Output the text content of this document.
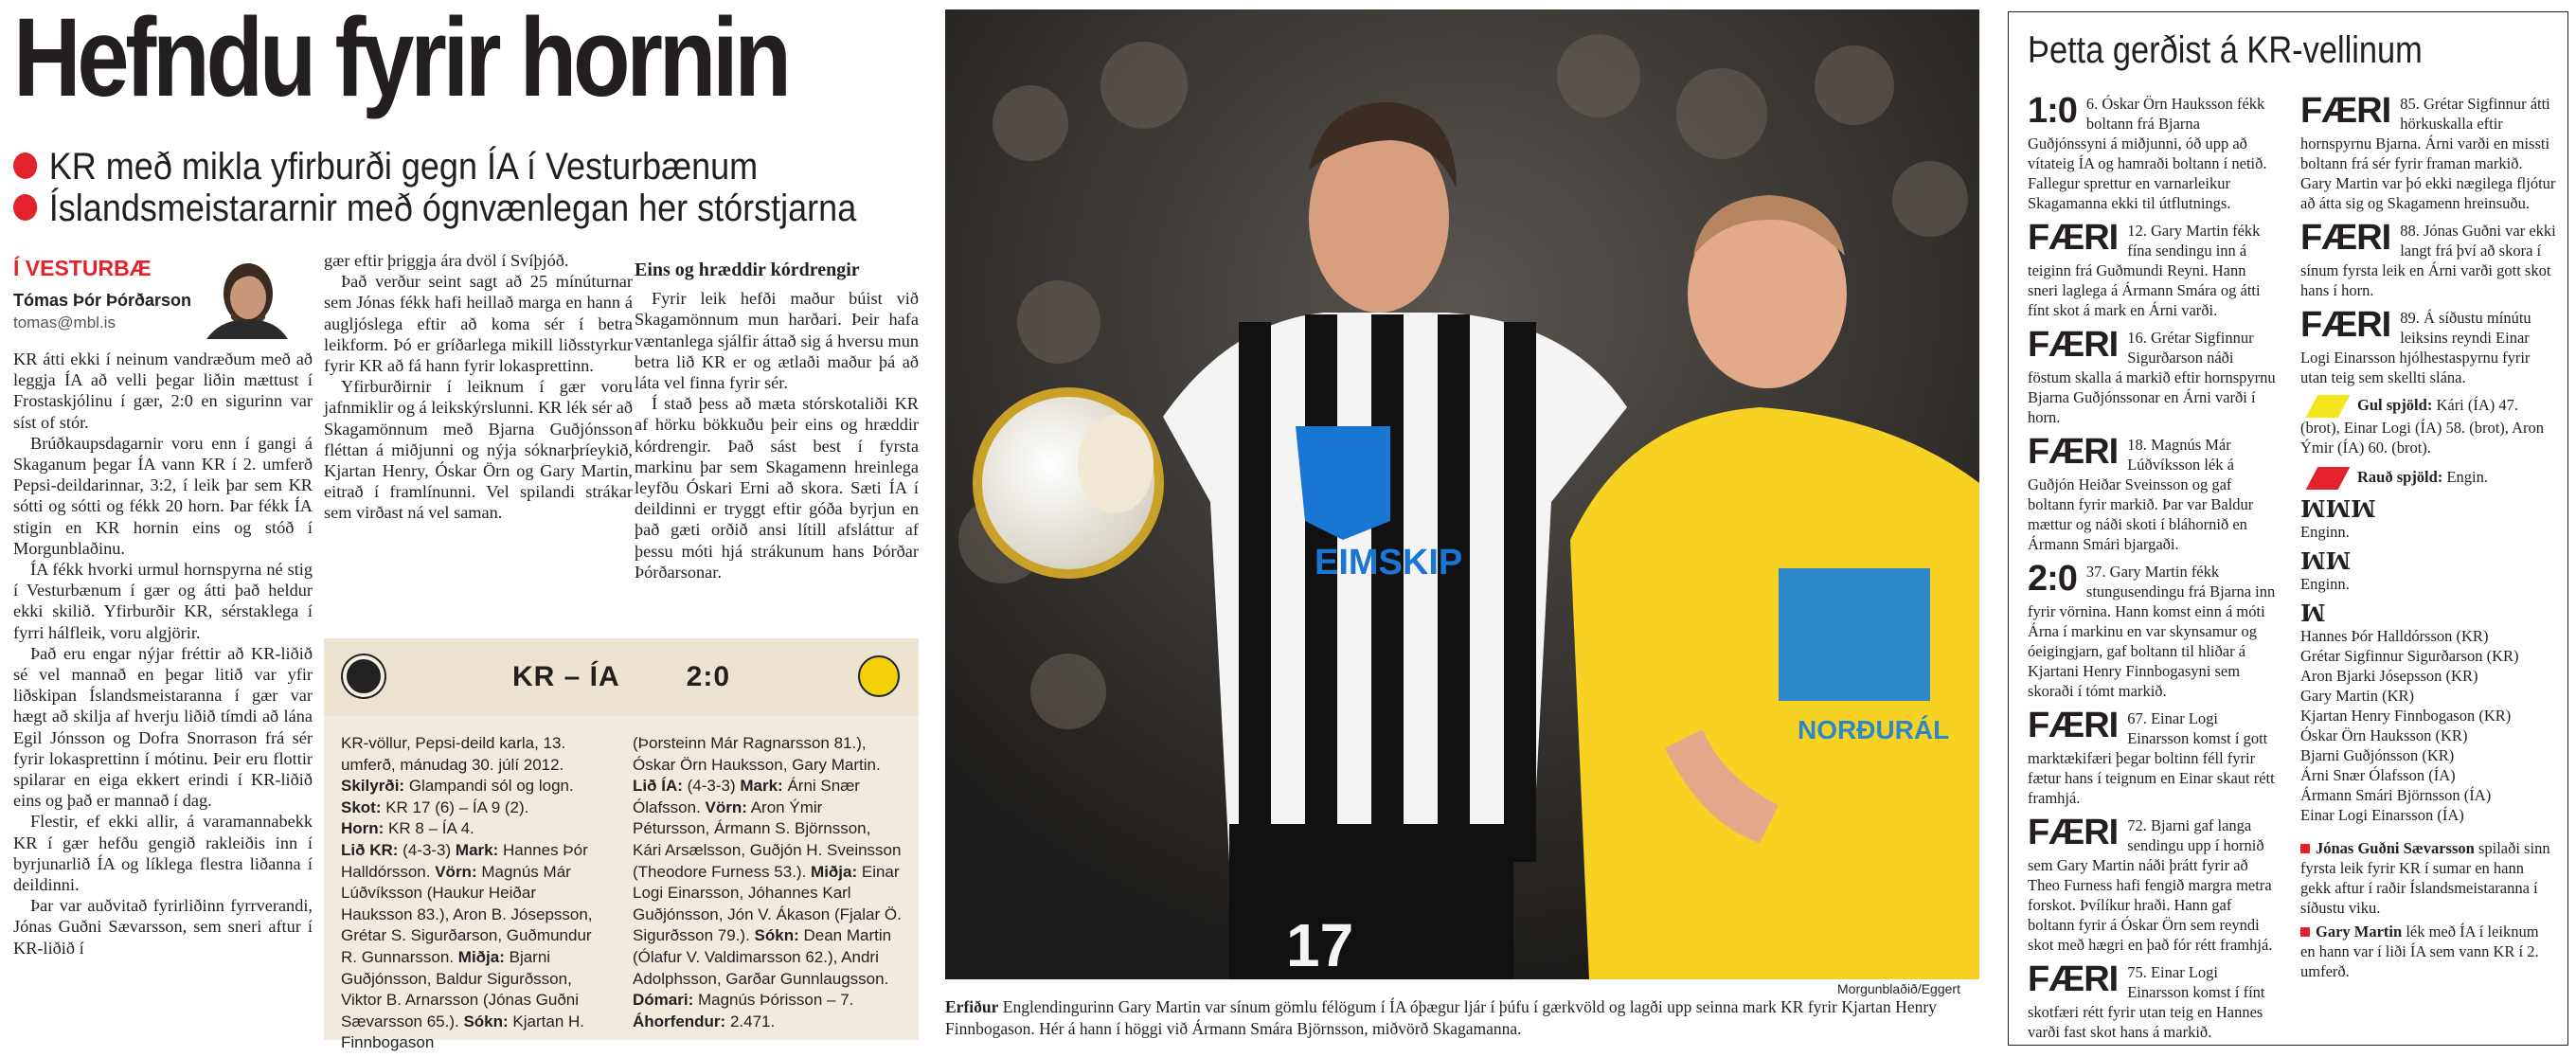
Hefndu fyrir hornin
KR með mikla yfirburði gegn ÍA í Vesturbænum
Íslandsmeistararnir með ógnvænlegan her stórstjarna
Í VESTURBÆ
Tómas Þór Þórðarson
tomas@mbl.is

KR átti ekki í neinum vandræðum með að leggja ÍA að velli þegar liðin mættust í Frostaskjólinu í gær, 2:0 en sigurinn var síst of stór.

Brúðkaupsdagarnir voru enn í gangi á Skaganum þegar ÍA vann KR í 2. umferð Pepsi-deildarinnar, 3:2, í leik þar sem KR sótti og sótti og fékk 20 horn. Þar fékk ÍA stigin en KR hornin eins og stóð í Morgunblaðinu.

ÍA fékk hvorki urmul hornspyrna né stig í Vesturbænum í gær og átti það heldur ekki skilið. Yfirburðir KR, sérstaklega í fyrri hálfleik, voru algjörir.

Það eru engar nýjar fréttir að KR-liðið sé vel mannað en þegar litið var yfir liðskipan Íslandsmeistaranna í gær var hægt að skilja af hverju liðið tímdi að lána Egil Jónsson og Dofra Snorrason frá sér fyrir lokasprettinn í mótinu. Þeir eru flottir spilarar en eiga ekkert erindi í KR-liðið eins og það er mannað í dag.

Flestir, ef ekki allir, á varamannabekk KR í gær hefðu gengið rakleiðis inn í byrjunarlið ÍA og líklega flestra liðanna í deildinni.

Þar var auðvitað fyrirliðinn fyrrverandi, Jónas Guðni Sævarsson, sem sneri aftur í KR-liðið í

gær eftir þriggja ára dvöl í Svíþjóð.

Það verður seint sagt að 25 mínúturnar sem Jónas fékk hafi heillað marga en hann á augljóslega eftir að koma sér í betra leikform. Þó er gríðarlega mikill liðsstyrkur fyrir KR að fá hann fyrir lokasprettinn.

Yfirburðirnir í leiknum í gær voru jafnmiklir og á leikskýrslunni. KR lék sér að Skagamönnum með Bjarna Guðjónsson fléttan á miðjunni og nýja sóknarþríeykið, Kjartan Henry, Óskar Örn og Gary Martin, eitrað í framlínunni. Vel spilandi strákar sem virðast ná vel saman.

Eins og hræddir kórdrengir

Fyrir leik hefði maður búist við Skagamönnum mun harðari. Þeir hafa væntanlega sjálfir áttað sig á hversu mun betra lið KR er og ætlaði maður þá að láta vel finna fyrir sér.

Í stað þess að mæta stórskotaliði KR af hörku bökkuðu þeir eins og hræddir kórdrengir. Það sást best í fyrsta markinu þar sem Skagamenn hreinlega leyfðu Óskari Erni að skora. Sæti ÍA í deildinni er tryggt eftir góða byrjun en það gæti orðið ansi lítill afsláttur af þessu móti hjá strákunum hans Þórðar Þórðarsonar.

KR – ÍA 2:0
KR-völlur, Pepsi-deild karla, 13. umferð, mánudag 30. júlí 2012.
Skilyrði: Glampandi sól og logn.
Skot: KR 17 (6) – ÍA 9 (2).
Horn: KR 8 – ÍA 4.
Lið KR: (4-3-3) Mark: Hannes Þór Halldórsson. Vörn: Magnús Már Lúðvíksson (Haukur Heiðar Hauksson 83.), Aron B. Jósepsson, Grétar S. Sigurðarson, Guðmundur R. Gunnarsson. Miðja: Bjarni Guðjónsson, Baldur Sigurðsson, Viktor B. Arnarsson (Jónas Guðni Sævarsson 65.). Sókn: Kjartan H. Finnbogason
(Þorsteinn Már Ragnarsson 81.), Óskar Örn Hauksson, Gary Martin.
Lið ÍA: (4-3-3) Mark: Árni Snær Ólafsson. Vörn: Aron Ýmir Pétursson, Ármann S. Björnsson, Kári Arsælsson, Guðjón H. Sveinsson (Theodore Furness 53.). Miðja: Einar Logi Einarsson, Jóhannes Karl Guðjónsson, Jón V. Ákason (Fjalar Ö. Sigurðsson 79.). Sókn: Dean Martin (Ólafur V. Valdimarsson 62.), Andri Adolphsson, Garðar Gunnlaugsson. Dómari: Magnús Þórisson – 7.
Áhorfendur: 2.471.
EIMSKIP
17
NORÐURÁL
Morgunblaðið/Eggert
Erfiður Englendingurinn Gary Martin var sínum gömlu félögum í ÍA óþægur ljár í þúfu í gærkvöld og lagði upp seinna mark KR fyrir Kjartan Henry Finnbogason. Hér á hann í höggi við Ármann Smára Björnsson, miðvörð Skagamanna.
Þetta gerðist á KR-vellinum
1:0 6. Óskar Örn Hauksson fékk boltann frá Bjarna Guðjónssyni á miðjunni, óð upp að vítateig ÍA og hamraði boltann í netið. Fallegur sprettur en varnarleikur Skagamanna ekki til útflutnings.
FÆRI 12. Gary Martin fékk fína sendingu inn á teiginn frá Guðmundi Reyni. Hann sneri laglega á Ármann Smára og átti fínt skot á mark en Árni varði.
FÆRI 16. Grétar Sigfinnur Sigurðarson náði föstum skalla á markið eftir hornspyrnu Bjarna Guðjónssonar en Árni varði í horn.
FÆRI 18. Magnús Már Lúðvíksson lék á Guðjón Heiðar Sveinsson og gaf boltann fyrir markið. Þar var Baldur mættur og náði skoti í bláhornið en Ármann Smári bjargaði.
2:0 37. Gary Martin fékk stungusendingu frá Bjarna inn fyrir vörnina. Hann komst einn á móti Árna í markinu en var skynsamur og óeigingjarn, gaf boltann til hliðar á Kjartani Henry Finnbogasyni sem skoraði í tómt markið.
FÆRI 67. Einar Logi Einarsson komst í gott marktækifæri þegar boltinn féll fyrir fætur hans í teignum en Einar skaut rétt framhjá.
FÆRI 72. Bjarni gaf langa sendingu upp í hornið sem Gary Martin náði þrátt fyrir að Theo Furness hafi fengið margra metra forskot. Þvílíkur hraði. Hann gaf boltann fyrir á Óskar Örn sem reyndi skot með hægri en það fór rétt framhjá.
FÆRI 75. Einar Logi Einarsson komst í fínt skotfæri rétt fyrir utan teig en Hannes varði fast skot hans á markið.
FÆRI 85. Grétar Sigfinnur átti hörkuskalla eftir hornspyrnu Bjarna. Árni varði en missti boltann frá sér fyrir framan markið. Gary Martin var þó ekki nægilega fljótur að átta sig og Skagamenn hreinsuðu.
FÆRI 88. Jónas Guðni var ekki langt frá því að skora í sínum fyrsta leik en Árni varði gott skot hans í horn.
FÆRI 89. Á síðustu mínútu leiksins reyndi Einar Logi Einarsson hjólhestaspyrnu fyrir utan teig sem skellti slána.
Gul spjöld: Kári (ÍA) 47. (brot), Einar Logi (ÍA) 58. (brot), Aron Ýmir (ÍA) 60. (brot).
Rauð spjöld: Engin.
ꟽꟽꟽ
Enginn.
ꟽꟽ
Enginn.
ꟽ
Hannes Þór Halldórsson (KR)
Grétar Sigfinnur Sigurðarson (KR)
Aron Bjarki Jósepsson (KR)
Gary Martin (KR)
Kjartan Henry Finnbogason (KR)
Óskar Örn Hauksson (KR)
Bjarni Guðjónsson (KR)
Árni Snær Ólafsson (ÍA)
Ármann Smári Björnsson (ÍA)
Einar Logi Einarsson (ÍA)
Jónas Guðni Sævarsson spilaði sinn fyrsta leik fyrir KR í sumar en hann gekk aftur í raðir Íslandsmeistaranna í síðustu viku.
Gary Martin lék með ÍA í leiknum en hann var í liði ÍA sem vann KR í 2. umferð.
